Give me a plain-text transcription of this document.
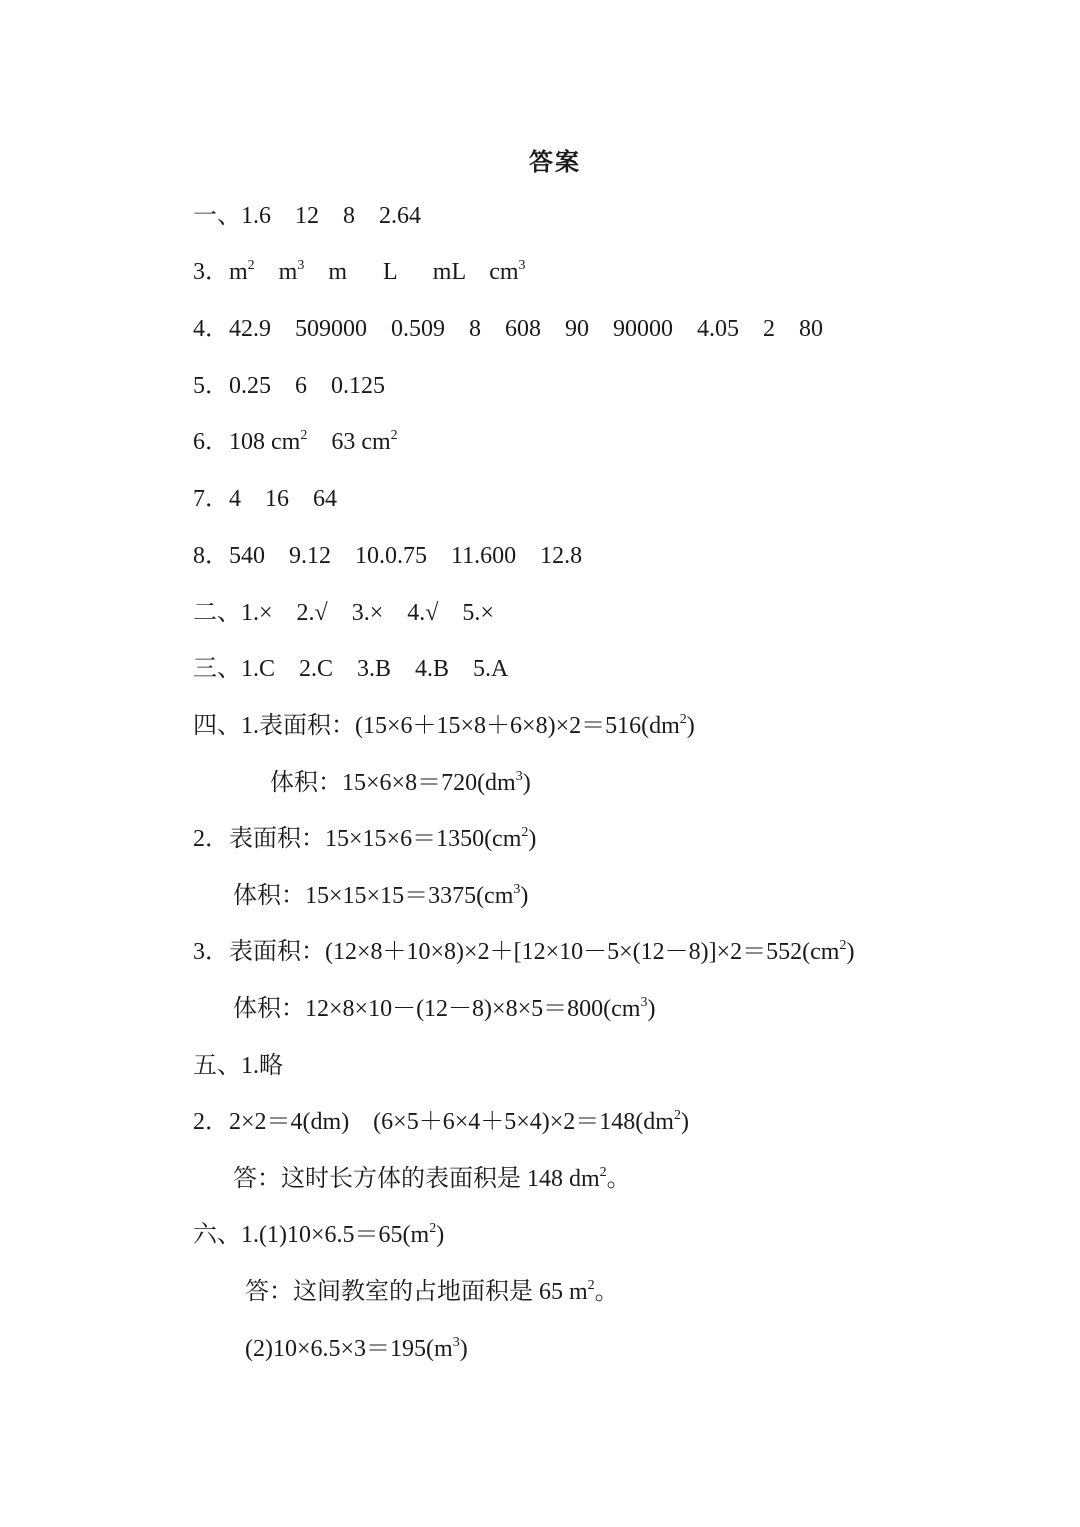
答案
一、1.6    12    8    2.64
3．$m^2$    $m^3$    m      L      mL    $cm^3$
4．42.9    509000    0.509    8    608    90    90000    4.05    2    80
5．0.25    6    0.125
6．108 $cm^2$    63 $cm^2$
7．4    16    64
8．540    9.12    10.0.75    11.600    12.8
二、1.×    2.√    3.×    4.√    5.×
三、1.C    2.C    3.B    4.B    5.A
四、1.表面积：$(15\times 6+15\times 8+6\times 8)\times 2=516(dm^2)$
体积：$15\times 6\times 8=720(dm^3)$
2．表面积：$15\times 15\times 6=1350(cm^2)$
体积：$15\times 15\times 15=3375(cm^3)$
3．表面积：$(12\times 8+10\times 8)\times 2+[12\times 10-5\times(12-8)]\times 2=552(cm^2)$
体积：$12\times 8\times 10-(12-8)\times 8\times 5=800(cm^3)$
五、1.略
2．2×2＝4(dm)    $(6\times 5+6\times 4+5\times 4)\times 2=148(dm^2)$
答：这时长方体的表面积是 148 $dm^2$。
六、$1.(1)10\times 6.5=65(m^2)$
答：这间教室的占地面积是 65 $m^2$。
$(2)10\times 6.5\times 3=195(m^3)$
